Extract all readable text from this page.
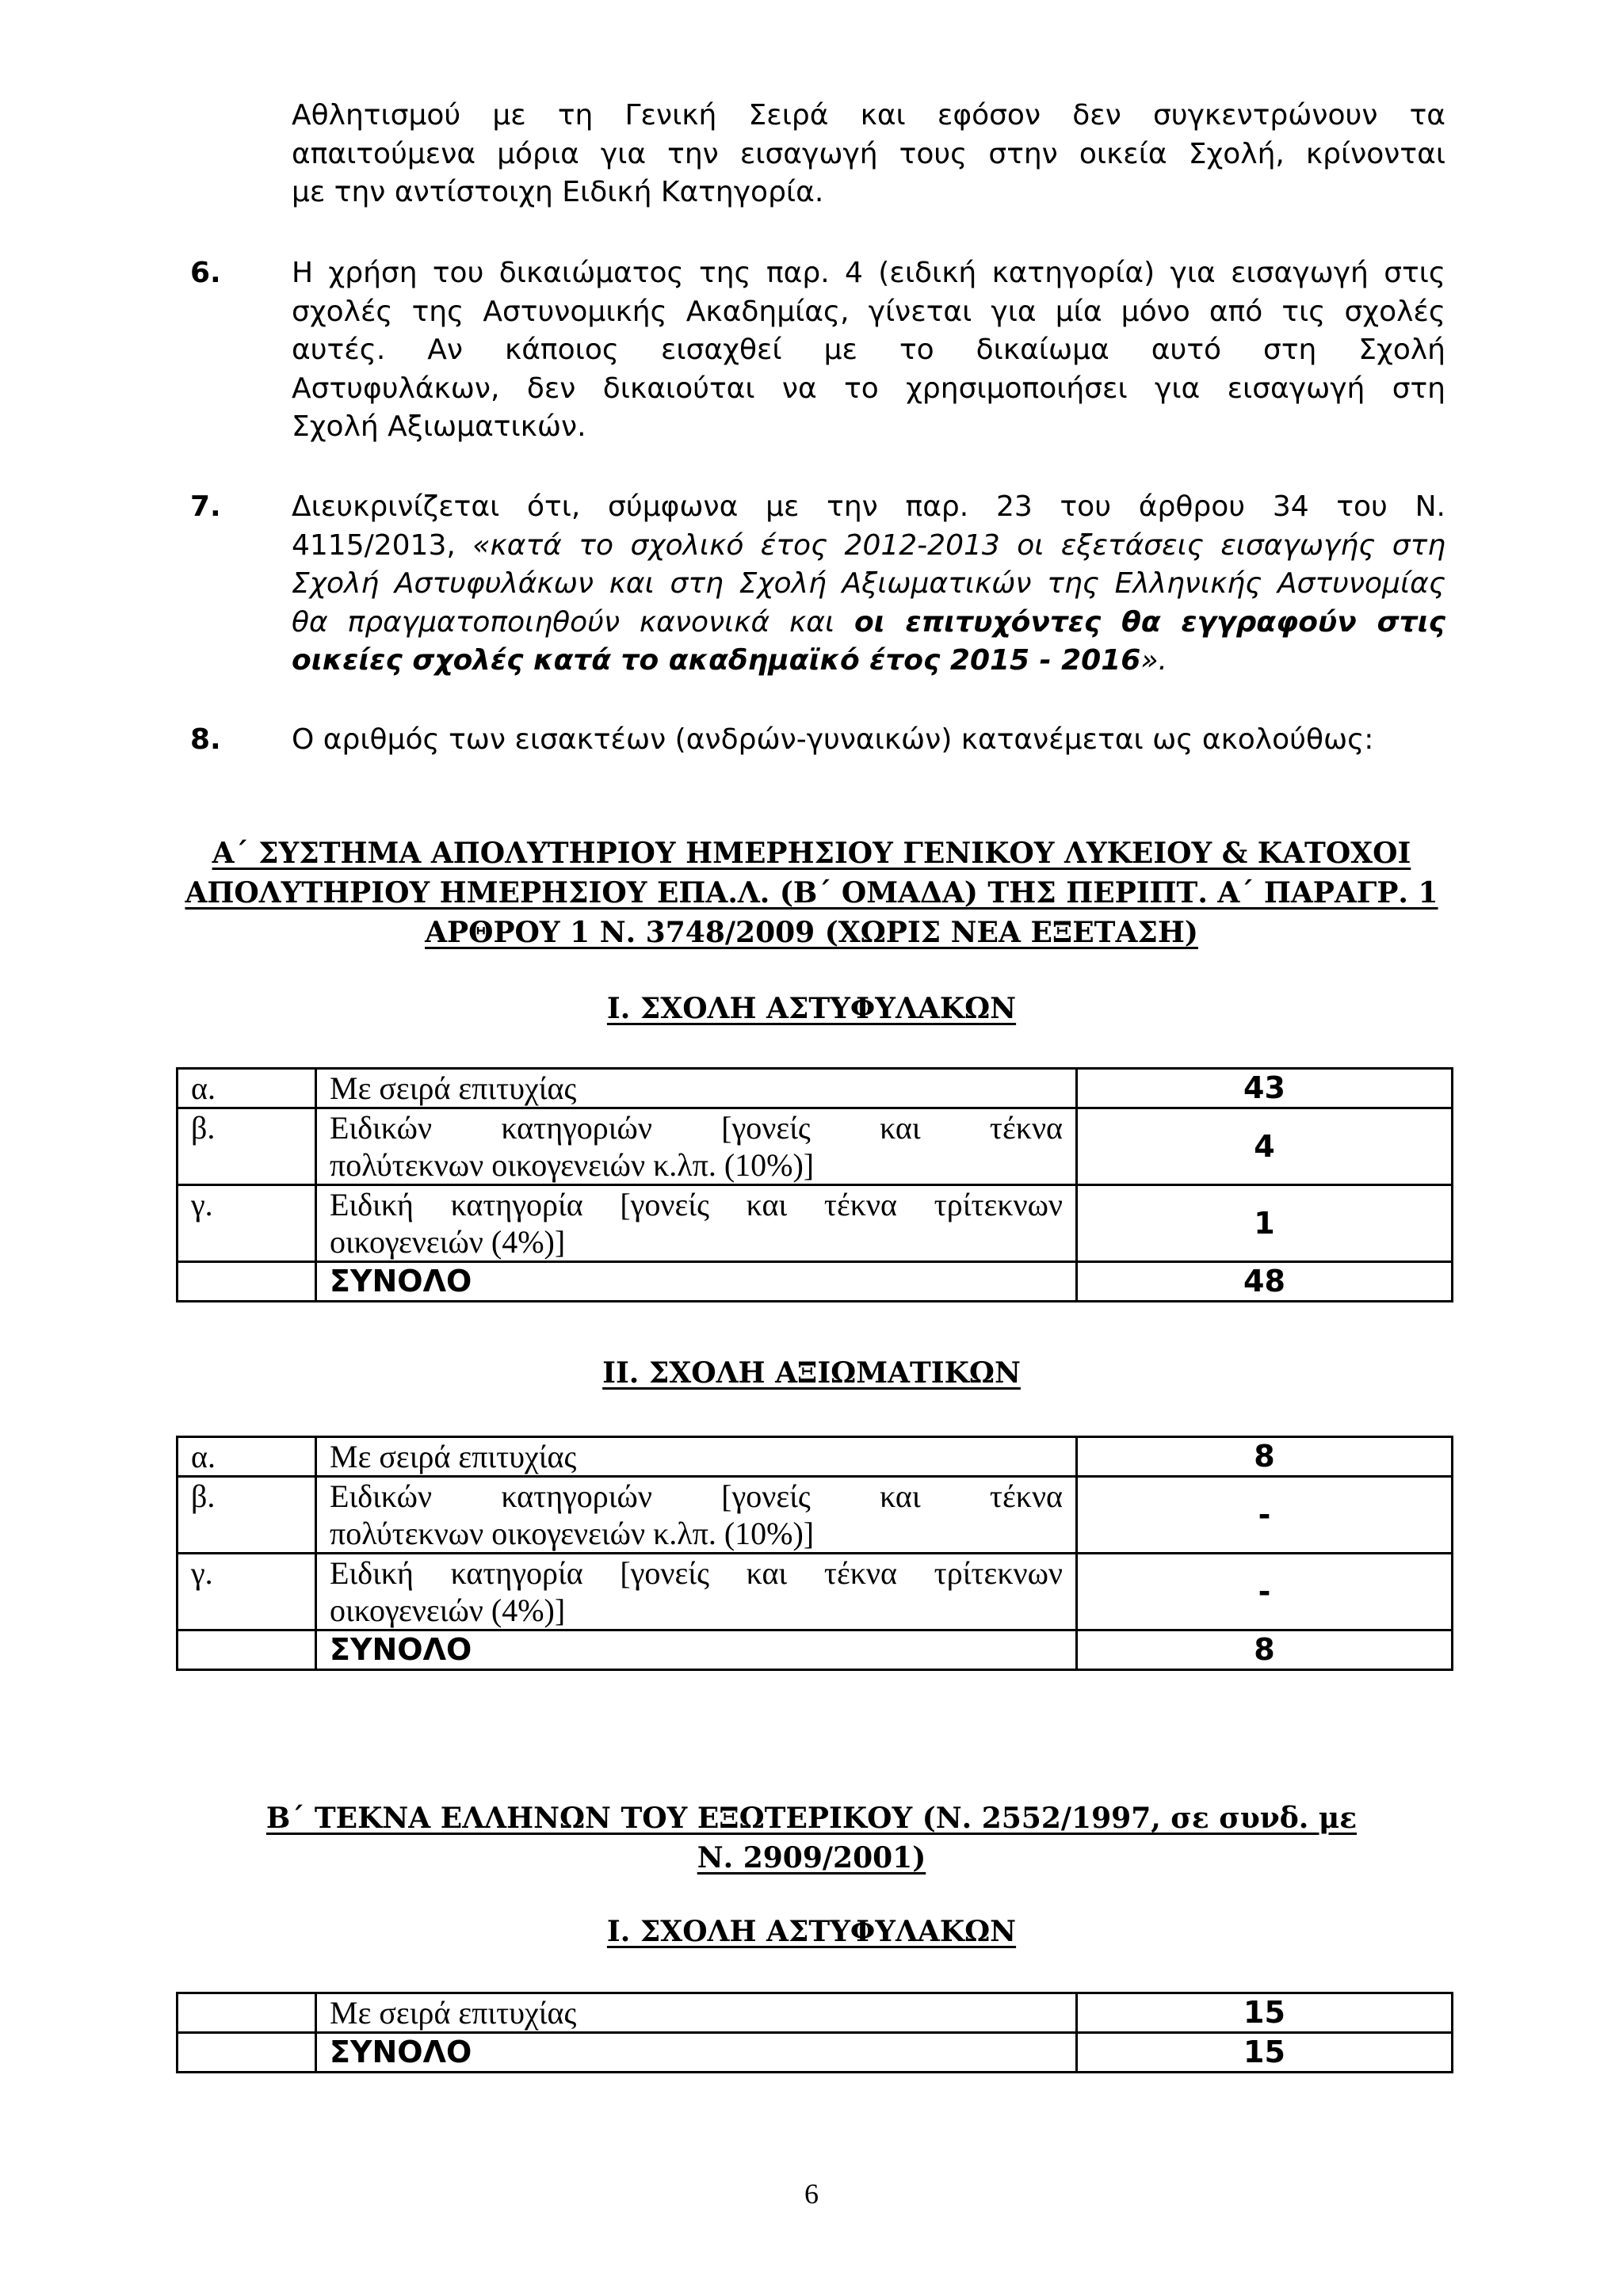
Αθλητισμού με τη Γενική Σειρά και εφόσον δεν συγκεντρώνουν τα
απαιτούμενα μόρια για την εισαγωγή τους στην οικεία Σχολή, κρίνονται
με την αντίστοιχη Ειδική Κατηγορία.
6. Η χρήση του δικαιώματος της παρ. 4 (ειδική κατηγορία) για εισαγωγή στις
σχολές της Αστυνομικής Ακαδημίας, γίνεται για μία μόνο από τις σχολές
αυτές. Αν κάποιος εισαχθεί με το δικαίωμα αυτό στη Σχολή
Αστυφυλάκων, δεν δικαιούται να το χρησιμοποιήσει για εισαγωγή στη
Σχολή Αξιωματικών.
7. Διευκρινίζεται ότι, σύμφωνα με την παρ. 23 του άρθρου 34 του Ν.
4115/2013, «κατά το σχολικό έτος 2012-2013 οι εξετάσεις εισαγωγής στη
Σχολή Αστυφυλάκων και στη Σχολή Αξιωματικών της Ελληνικής Αστυνομίας
θα πραγματοποιηθούν κανονικά και οι επιτυχόντες θα εγγραφούν στις
οικείες σχολές κατά το ακαδημαϊκό έτος 2015 - 2016».
8. Ο αριθμός των εισακτέων (ανδρών-γυναικών) κατανέμεται ως ακολούθως:
Α΄ ΣΥΣΤΗΜΑ ΑΠΟΛΥΤΗΡΙΟΥ ΗΜΕΡΗΣΙΟΥ ΓΕΝΙΚΟΥ ΛΥΚΕΙΟΥ & ΚΑΤΟΧΟΙ
ΑΠΟΛΥΤΗΡΙΟΥ ΗΜΕΡΗΣΙΟΥ ΕΠΑ.Λ. (Β΄ ΟΜΑΔΑ) ΤΗΣ ΠΕΡΙΠΤ. Α΄ ΠΑΡΑΓΡ. 1
ΑΡΘΡΟΥ 1 Ν. 3748/2009 (ΧΩΡΙΣ ΝΕΑ ΕΞΕΤΑΣΗ)
Ι. ΣΧΟΛΗ ΑΣΤΥΦΥΛΑΚΩΝ
α.	Με σειρά επιτυχίας	43
β.	Ειδικών κατηγοριών [γονείς και τέκνα
πολύτεκνων οικογενειών κ.λπ. (10%)]	4
γ.	Ειδική κατηγορία [γονείς και τέκνα τρίτεκνων
οικογενειών (4%)]	1
	ΣΥΝΟΛΟ	48
ΙΙ. ΣΧΟΛΗ ΑΞΙΩΜΑΤΙΚΩΝ
α.	Με σειρά επιτυχίας	8
β.	Ειδικών κατηγοριών [γονείς και τέκνα
πολύτεκνων οικογενειών κ.λπ. (10%)]	-
γ.	Ειδική κατηγορία [γονείς και τέκνα τρίτεκνων
οικογενειών (4%)]	-
	ΣΥΝΟΛΟ	8
Β΄ ΤΕΚΝΑ ΕΛΛΗΝΩΝ ΤΟΥ ΕΞΩΤΕΡΙΚΟΥ (Ν. 2552/1997, σε συνδ. με
Ν. 2909/2001)
Ι. ΣΧΟΛΗ ΑΣΤΥΦΥΛΑΚΩΝ

	Με σειρά επιτυχίας	15
	ΣΥΝΟΛΟ	15
6
